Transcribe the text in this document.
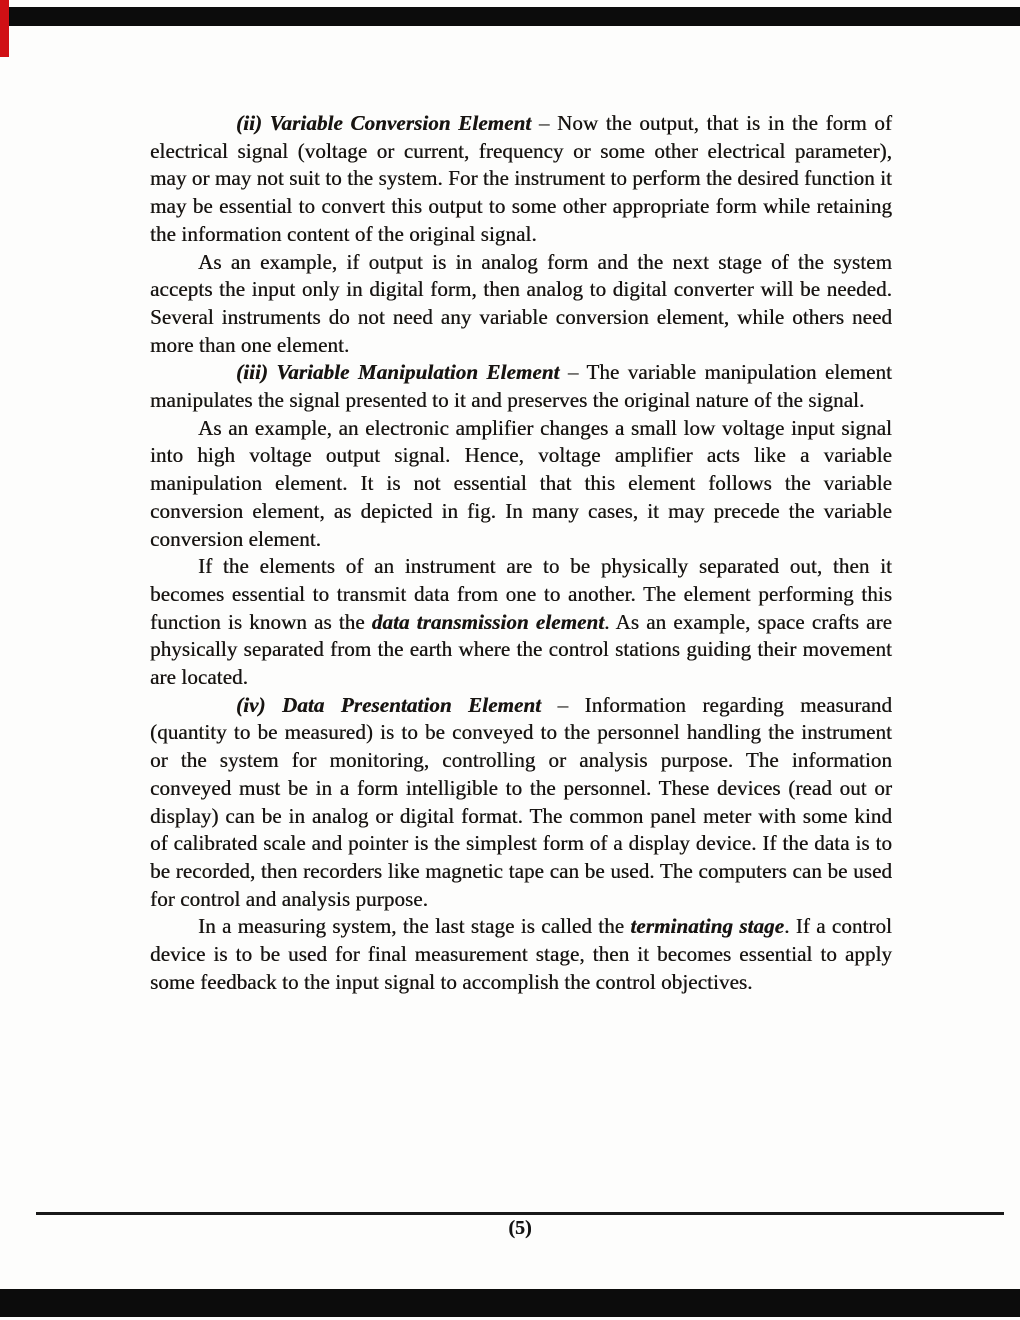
(ii) Variable Conversion Element – Now the output, that is in the form of electrical signal (voltage or current, frequency or some other electrical parameter), may or may not suit to the system. For the instrument to perform the desired function it may be essential to convert this output to some other appropriate form while retaining the information content of the original signal.

As an example, if output is in analog form and the next stage of the system accepts the input only in digital form, then analog to digital converter will be needed. Several instruments do not need any variable conversion element, while others need more than one element.

(iii) Variable Manipulation Element – The variable manipulation element manipulates the signal presented to it and preserves the original nature of the signal.

As an example, an electronic amplifier changes a small low voltage input signal into high voltage output signal. Hence, voltage amplifier acts like a variable manipulation element. It is not essential that this element follows the variable conversion element, as depicted in fig. In many cases, it may precede the variable conversion element.

If the elements of an instrument are to be physically separated out, then it becomes essential to transmit data from one to another. The element performing this function is known as the data transmission element. As an example, space crafts are physically separated from the earth where the control stations guiding their movement are located.

(iv) Data Presentation Element – Information regarding measurand (quantity to be measured) is to be conveyed to the personnel handling the instrument or the system for monitoring, controlling or analysis purpose. The information conveyed must be in a form intelligible to the personnel. These devices (read out or display) can be in analog or digital format. The common panel meter with some kind of calibrated scale and pointer is the simplest form of a display device. If the data is to be recorded, then recorders like magnetic tape can be used. The computers can be used for control and analysis purpose.

In a measuring system, the last stage is called the terminating stage. If a control device is to be used for final measurement stage, then it becomes essential to apply some feedback to the input signal to accomplish the control objectives.

(5)
